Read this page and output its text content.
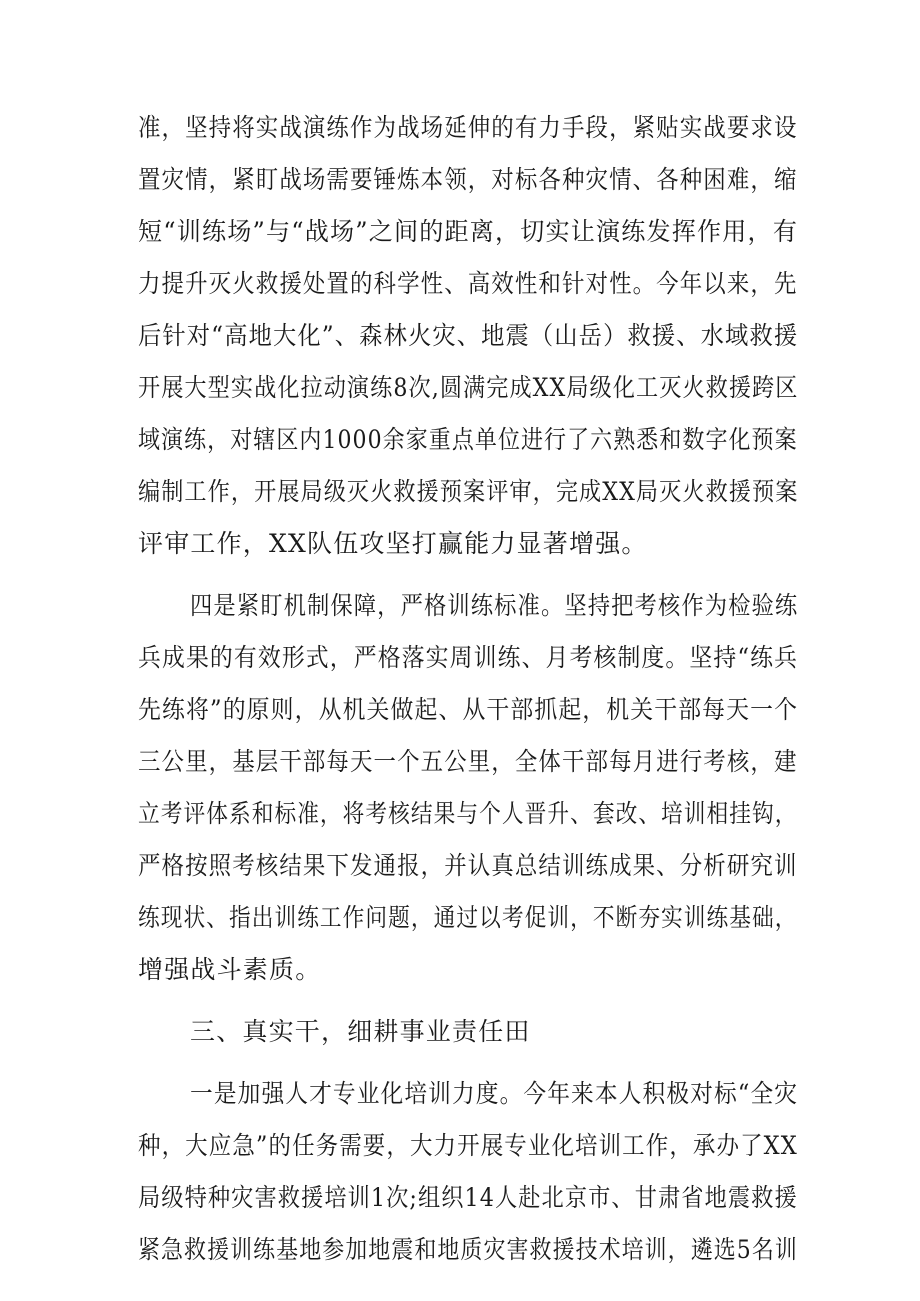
准，坚持将实战演练作为战场延伸的有力手段，紧贴实战要求设
置灾情，紧盯战场需要锤炼本领，对标各种灾情、各种困难，缩
短“训练场”与“战场”之间的距离，切实让演练发挥作用，有
力提升灭火救援处置的科学性、高效性和针对性。今年以来，先
后针对“高地大化”、森林火灾、地震（山岳）救援、水域救援
开展大型实战化拉动演练8次,圆满完成XX局级化工灭火救援跨区
域演练，对辖区内1000余家重点单位进行了六熟悉和数字化预案
编制工作，开展局级灭火救援预案评审，完成XX局灭火救援预案
评审工作，XX队伍攻坚打赢能力显著增强。
四是紧盯机制保障，严格训练标准。坚持把考核作为检验练
兵成果的有效形式，严格落实周训练、月考核制度。坚持“练兵
先练将”的原则，从机关做起、从干部抓起，机关干部每天一个
三公里，基层干部每天一个五公里，全体干部每月进行考核，建
立考评体系和标准，将考核结果与个人晋升、套改、培训相挂钩，
严格按照考核结果下发通报，并认真总结训练成果、分析研究训
练现状、指出训练工作问题，通过以考促训，不断夯实训练基础，
增强战斗素质。
三、真实干，细耕事业责任田
一是加强人才专业化培训力度。今年来本人积极对标“全灾
种，大应急”的任务需要，大力开展专业化培训工作，承办了XX
局级特种灾害救援培训1次;组织14人赴北京市、甘肃省地震救援
紧急救援训练基地参加地震和地质灾害救援技术培训，遴选5名训
